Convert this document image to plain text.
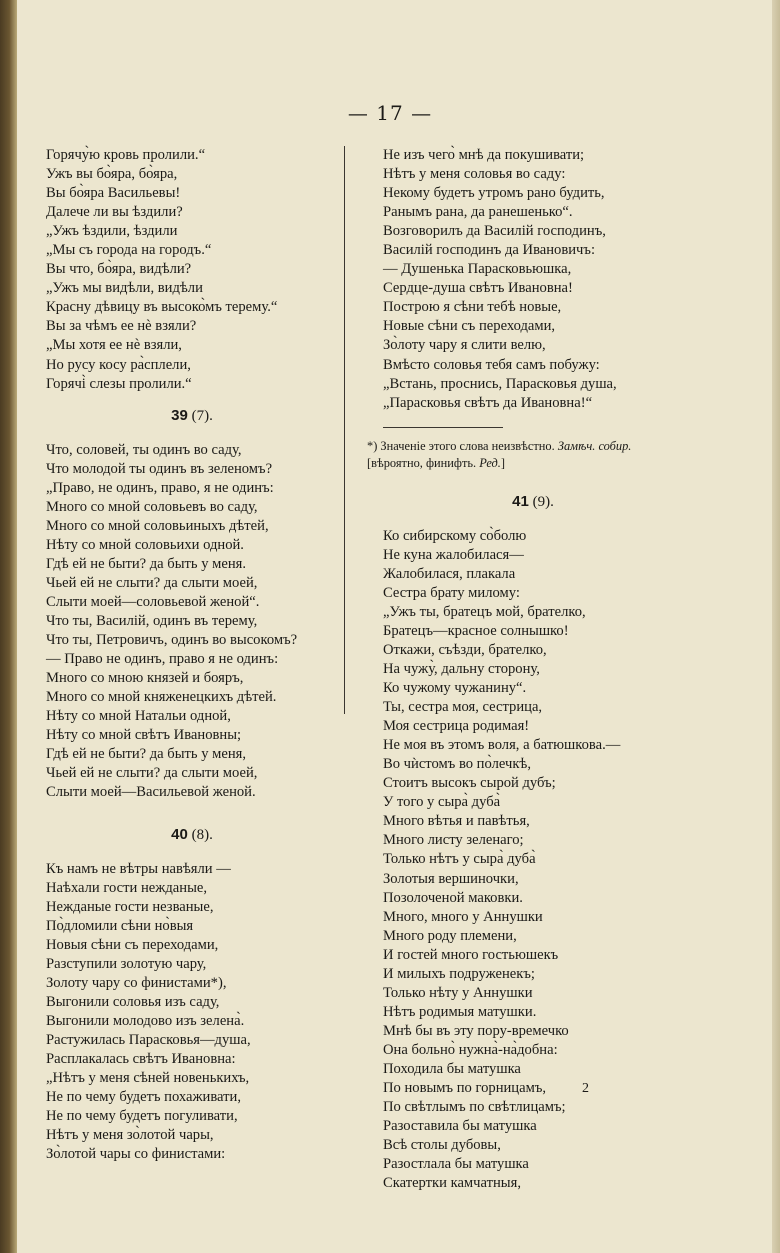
— 17 —
Горячу̀ю кровь пролили.“
Ужъ вы бо̀яра, бо̀яра,
Вы бо̀яра Васильевы!
Далече ли вы ѣздили?
„Ужъ ѣздили, ѣздили
„Мы съ города на городъ.“
Вы что, бо̀яра, видѣли?
„Ужъ мы видѣли, видѣли
Красну дѣвицу въ высоко̀мъ терему.“
Вы за чѣмъ ее нѐ взяли?
„Мы хотя ее нѐ взяли,
Но русу косу ра̀сплели,
Горячі̀ слезы пролили.“
39 (7).
Что, соловей, ты одинъ во саду,
Что молодой ты одинъ въ зеленомъ?
„Право, не одинъ, право, я не одинъ:
Много со мной соловьевъ во саду,
Много со мной соловьиныхъ дѣтей,
Нѣту со мной соловьихи одной.
Гдѣ ей не быти? да быть у меня.
Чьей ей не слыти? да слыти моей,
Слыти моей—соловьевой женой“.
Что ты, Василій, одинъ въ терему,
Что ты, Петровичъ, одинъ во высокомъ?
— Право не одинъ, право я не одинъ:
Много со мною князей и бояръ,
Много со мной княженецкихъ дѣтей.
Нѣту со мной Натальи одной,
Нѣту со мной свѣтъ Ивановны;
Гдѣ ей не быти? да быть у меня,
Чьей ей не слыти? да слыти моей,
Слыти моей—Васильевой женой.
40 (8).
Къ намъ не вѣтры навѣяли —
Наѣхали гости нежданые,
Нежданые гости незваные,
По̀дломили сѣни но̀выя
Новыя сѣни съ переходами,
Разступили золотую чару,
Золоту чару со финистами*),
Выгонили соловья изъ саду,
Выгонили молодово изъ зелена̀.
Растужилась Парасковья—душа,
Расплакалась свѣтъ Ивановна:
„Нѣтъ у меня сѣней новенькихъ,
Не по чему будетъ похаживати,
Не по чему будетъ погуливати,
Нѣтъ у меня зо̀лотой чары,
Зо̀лотой чары со финистами:
Не изъ чего̀ мнѣ да покушивати;
Нѣтъ у меня соловья во саду:
Некому будетъ утромъ рано будить,
Ранымъ рана, да ранешенько“.
Возговорилъ да Василій господинъ,
Василій господинъ да Ивановичъ:
— Душенька Парасковьюшка,
Сердце-душа свѣтъ Ивановна!
Построю я сѣни тебѣ новые,
Новые сѣни съ переходами,
Зо̀лоту чару я слити велю,
Вмѣсто соловья тебя самъ побужу:
„Встань, проснись, Парасковья душа,
„Парасковья свѣтъ да Ивановна!“
*) Значеніе этого слова неизвѣстно. Замѣч. собир.
[вѣроятно, финифть. Ред.]
41 (9).
Ко сибирскому со̀болю
Не куна жалобилася—
Жалобилася, плакала
Сестра брату милому:
„Ужъ ты, братецъ мой, брателко,
Братецъ—красное солнышко!
Откажи, съѣзди, брателко,
На чужу̀, дальну сторону,
Ко чужому чужанину“.
Ты, сестра моя, сестрица,
Моя сестрица родимая!
Не моя въ этомъ воля, а батюшкова.—
Во чѝстомъ во по̀лечкѣ,
Стоитъ высокъ сырой дубъ;
У того у сыра̀ дуба̀
Много вѣтья и павѣтья,
Много листу зеленаго;
Только нѣтъ у сыра̀ дуба̀
Золотыя вершиночки,
Позолоченой маковки.
Много, много у Аннушки
Много роду племени,
И гостей много гостьюшекъ
И милыхъ подруженекъ;
Только нѣту у Аннушки
Нѣтъ родимыя матушки.
Мнѣ бы въ эту пору-времечко
Она больно̀ нужна̀-на̀добна:
Походила бы матушка
По новымъ по горницамъ,
По свѣтлымъ по свѣтлицамъ;
Разоставила бы матушка
Всѣ столы дубовы,
Разостлала бы матушка
Скатертки камчатныя,
2
